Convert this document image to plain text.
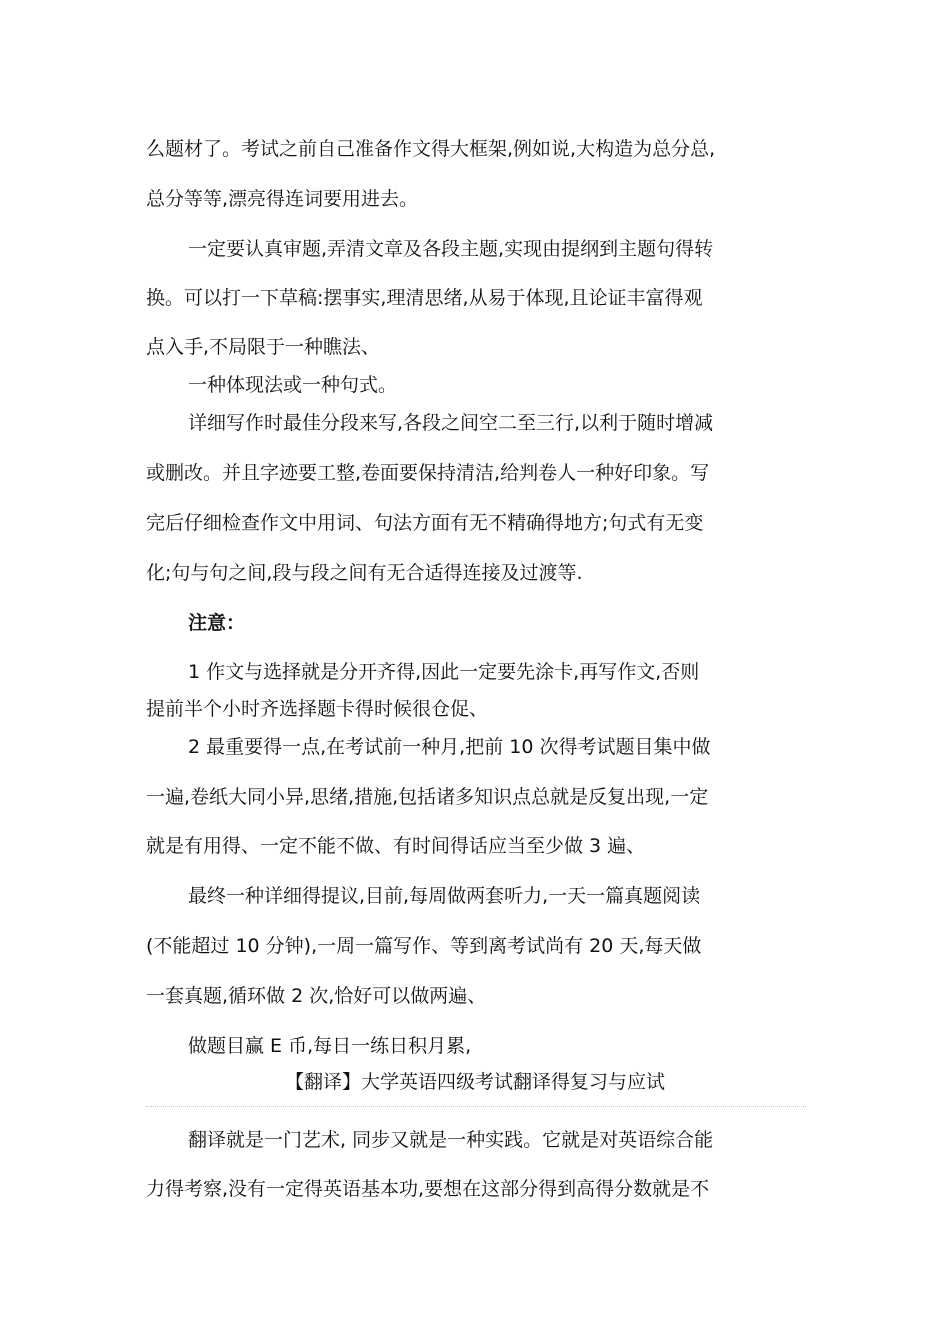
么题材了。考试之前自己准备作文得大框架,例如说,大构造为总分总,
总分等等,漂亮得连词要用进去。
一定要认真审题,弄清文章及各段主题,实现由提纲到主题句得转
换。可以打一下草稿:摆事实,理清思绪,从易于体现,且论证丰富得观
点入手,不局限于一种瞧法、
一种体现法或一种句式。
详细写作时最佳分段来写,各段之间空二至三行,以利于随时增减
或删改。并且字迹要工整,卷面要保持清洁,给判卷人一种好印象。写
完后仔细检查作文中用词、句法方面有无不精确得地方;句式有无变
化;句与句之间,段与段之间有无合适得连接及过渡等.
注意：
1 作文与选择就是分开齐得,因此一定要先涂卡,再写作文,否则
提前半个小时齐选择题卡得时候很仓促、
2 最重要得一点,在考试前一种月,把前 10 次得考试题目集中做
一遍,卷纸大同小异,思绪,措施,包括诸多知识点总就是反复出现,一定
就是有用得、一定不能不做、有时间得话应当至少做 3 遍、
最终一种详细得提议,目前,每周做两套听力,一天一篇真题阅读
(不能超过 10 分钟),一周一篇写作、等到离考试尚有 20 天,每天做
一套真题,循环做 2 次,恰好可以做两遍、
做题目赢 E 币,每日一练日积月累,
【翻译】大学英语四级考试翻译得复习与应试
翻译就是一门艺术, 同步又就是一种实践。它就是对英语综合能
力得考察,没有一定得英语基本功,要想在这部分得到高得分数就是不
